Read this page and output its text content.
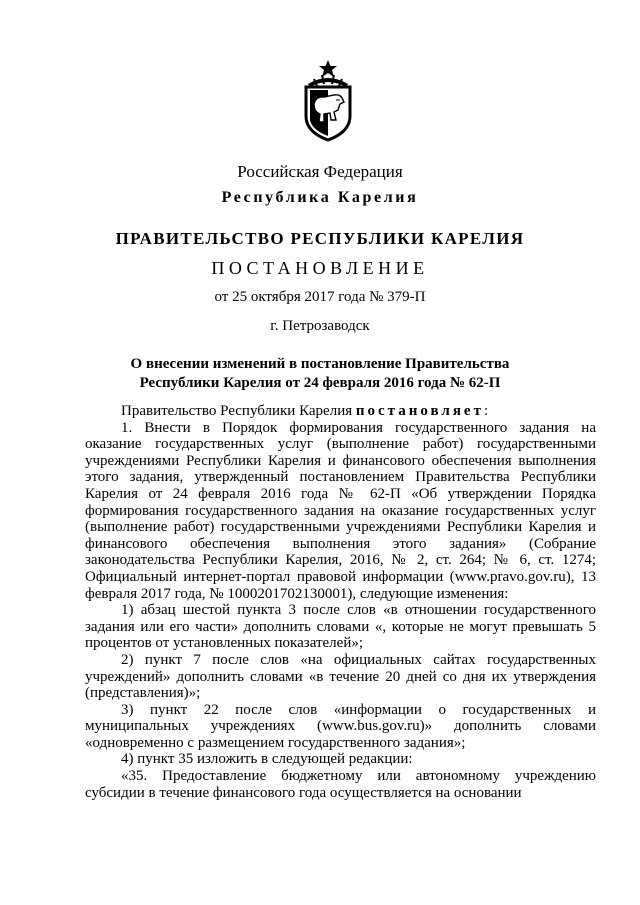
Российская Федерация
Республика Карелия
ПРАВИТЕЛЬСТВО РЕСПУБЛИКИ КАРЕЛИЯ
ПОСТАНОВЛЕНИЕ
от 25 октября 2017 года № 379-П
г. Петрозаводск
О внесении изменений в постановление Правительства
Республики Карелия от 24 февраля 2016 года № 62-П

Правительство Республики Карелия постановляет:

1. Внести в Порядок формирования государственного задания на оказание государственных услуг (выполнение работ) государственными учреждениями Республики Карелия и финансового обеспечения выполнения этого задания, утвержденный постановлением Правительства Республики Карелия от 24 февраля 2016 года № 62-П «Об утверждении Порядка формирования государственного задания на оказание государственных услуг (выполнение работ) государственными учреждениями Республики Карелия и финансового обеспечения выполнения этого задания» (Собрание законодательства Республики Карелия, 2016, № 2, ст. 264; № 6, ст. 1274; Официальный интернет-портал правовой информации (www.pravo.gov.ru), 13 февраля 2017 года, № 1000201702130001), следующие изменения:

1) абзац шестой пункта 3 после слов «в отношении государственного задания или его части» дополнить словами «, которые не могут превышать 5 процентов от установленных показателей»;

2) пункт 7 после слов «на официальных сайтах государственных учреждений» дополнить словами «в течение 20 дней со дня их утверждения (представления)»;

3) пункт 22 после слов «информации о государственных и муниципальных учреждениях (www.bus.gov.ru)» дополнить словами «одновременно с размещением государственного задания»;

4) пункт 35 изложить в следующей редакции:

«35. Предоставление бюджетному или автономному учреждению субсидии в течение финансового года осуществляется на основании
